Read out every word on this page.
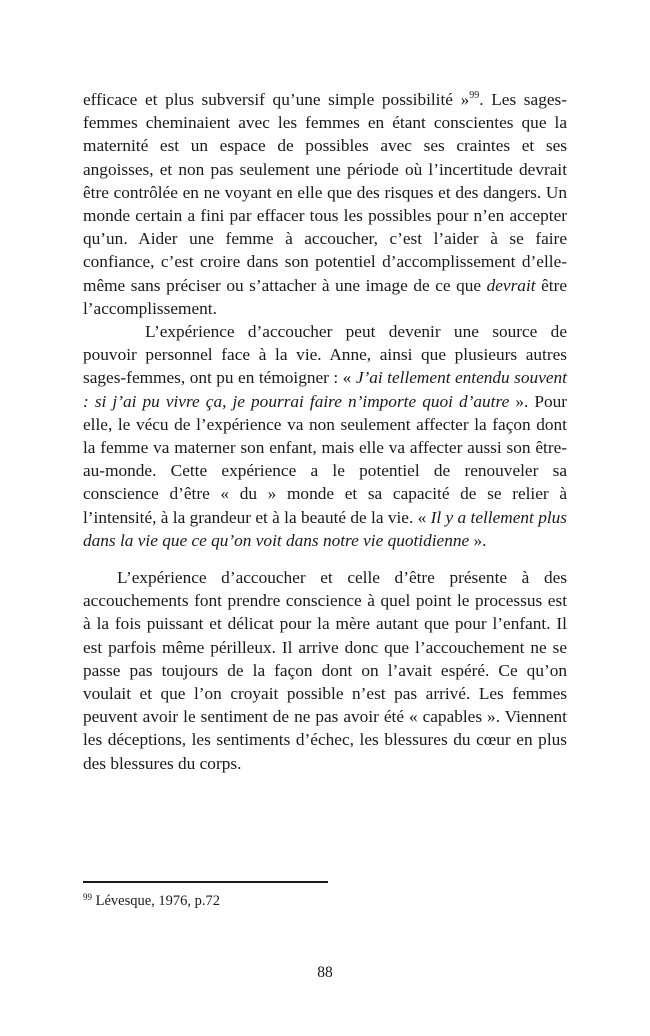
efficace et plus subversif qu’une simple possibilité »$^{99}$. Les sages-femmes cheminaient avec les femmes en étant conscientes que la maternité est un espace de possibles avec ses craintes et ses angoisses, et non pas seulement une période où l’incertitude devrait être contrôlée en ne voyant en elle que des risques et des dangers. Un monde certain a fini par effacer tous les possibles pour n’en accepter qu’un. Aider une femme à accoucher, c’est l’aider à se faire confiance, c’est croire dans son potentiel d’accomplissement d’elle-même sans préciser ou s’attacher à une image de ce que devrait être l’accomplissement.

L’expérience d’accoucher peut devenir une source de pouvoir personnel face à la vie. Anne, ainsi que plusieurs autres sages-femmes, ont pu en témoigner : « J’ai tellement entendu souvent : si j’ai pu vivre ça, je pourrai faire n’importe quoi d’autre ». Pour elle, le vécu de l’expérience va non seulement affecter la façon dont la femme va materner son enfant, mais elle va affecter aussi son être-au-monde. Cette expérience a le potentiel de renouveler sa conscience d’être « du » monde et sa capacité de se relier à l’intensité, à la grandeur et à la beauté de la vie. « Il y a tellement plus dans la vie que ce qu’on voit dans notre vie quotidienne ».

L’expérience d’accoucher et celle d’être présente à des accouchements font prendre conscience à quel point le processus est à la fois puissant et délicat pour la mère autant que pour l’enfant. Il est parfois même périlleux. Il arrive donc que l’accouchement ne se passe pas toujours de la façon dont on l’avait espéré. Ce qu’on voulait et que l’on croyait possible n’est pas arrivé. Les femmes peuvent avoir le sentiment de ne pas avoir été « capables ». Viennent les déceptions, les sentiments d’échec, les blessures du cœur en plus des blessures du corps.

$^{99}$ Lévesque, 1976, p.72
88
